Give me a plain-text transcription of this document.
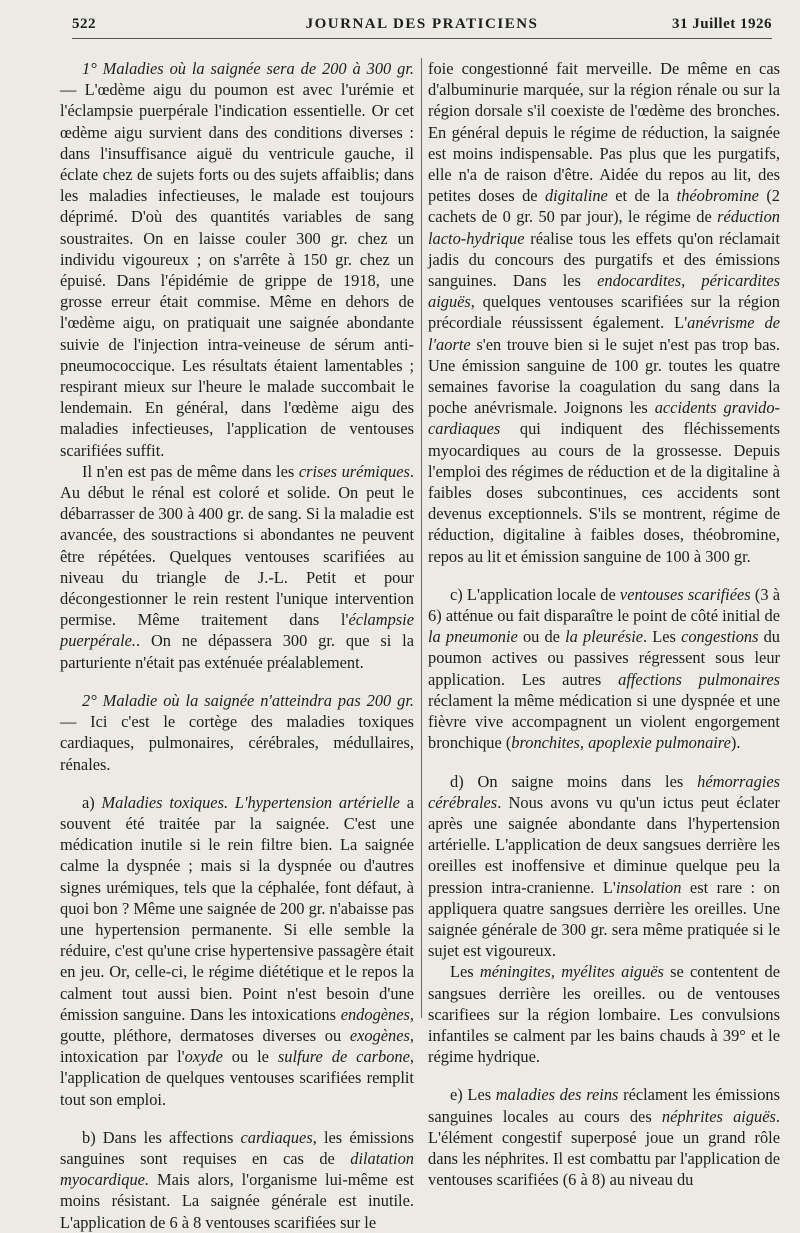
522	JOURNAL DES PRATICIENS	31 Juillet 1926

1° Maladies où la saignée sera de 200 à 300 gr. — L'œdème aigu du poumon est avec l'urémie et l'éclampsie puerpérale l'indication essentielle. Or cet œdème aigu survient dans des conditions diverses : dans l'insuffisance aiguë du ventricule gauche, il éclate chez de sujets forts ou des sujets affaiblis; dans les maladies infectieuses, le malade est toujours déprimé. D'où des quantités variables de sang soustraites. On en laisse couler 300 gr. chez un individu vigoureux ; on s'arrête à 150 gr. chez un épuisé. Dans l'épidémie de grippe de 1918, une grosse erreur était commise. Même en dehors de l'œdème aigu, on pratiquait une saignée abondante suivie de l'injection intra-veineuse de sérum anti-pneumococcique. Les résultats étaient lamentables ; respirant mieux sur l'heure le malade succombait le lendemain. En général, dans l'œdème aigu des maladies infectieuses, l'application de ventouses scarifiées suffit.

Il n'en est pas de même dans les crises urémiques. Au début le rénal est coloré et solide. On peut le débarrasser de 300 à 400 gr. de sang. Si la maladie est avancée, des soustractions si abondantes ne peuvent être répétées. Quelques ventouses scarifiées au niveau du triangle de J.-L. Petit et pour décongestionner le rein restent l'unique intervention permise. Même traitement dans l'éclampsie puerpérale.. On ne dépassera 300 gr. que si la parturiente n'était pas exténuée préalablement.

2° Maladie où la saignée n'atteindra pas 200 gr. — Ici c'est le cortège des maladies toxiques cardiaques, pulmonaires, cérébrales, médullaires, rénales.

a) Maladies toxiques. L'hypertension artérielle a souvent été traitée par la saignée. C'est une médication inutile si le rein filtre bien. La saignée calme la dyspnée ; mais si la dyspnée ou d'autres signes urémiques, tels que la céphalée, font défaut, à quoi bon ? Même une saignée de 200 gr. n'abaisse pas une hypertension permanente. Si elle semble la réduire, c'est qu'une crise hypertensive passagère était en jeu. Or, celle-ci, le régime diététique et le repos la calment tout aussi bien. Point n'est besoin d'une émission sanguine. Dans les intoxications endogènes, goutte, pléthore, dermatoses diverses ou exogènes, intoxication par l'oxyde ou le sulfure de carbone, l'application de quelques ventouses scarifiées remplit tout son emploi.

b) Dans les affections cardiaques, les émissions sanguines sont requises en cas de dilatation myocardique. Mais alors, l'organisme lui-même est moins résistant. La saignée générale est inutile. L'application de 6 à 8 ventouses scarifiées sur le

foie congestionné fait merveille. De même en cas d'albuminurie marquée, sur la région rénale ou sur la région dorsale s'il coexiste de l'œdème des bronches. En général depuis le régime de réduction, la saignée est moins indispensable. Pas plus que les purgatifs, elle n'a de raison d'être. Aidée du repos au lit, des petites doses de digitaline et de la théobromine (2 cachets de 0 gr. 50 par jour), le régime de réduction lacto-hydrique réalise tous les effets qu'on réclamait jadis du concours des purgatifs et des émissions sanguines. Dans les endocardites, péricardites aiguës, quelques ventouses scarifiées sur la région précordiale réussissent également. L'anévrisme de l'aorte s'en trouve bien si le sujet n'est pas trop bas. Une émission sanguine de 100 gr. toutes les quatre semaines favorise la coagulation du sang dans la poche anévrismale. Joignons les accidents gravido-cardiaques qui indiquent des fléchissements myocardiques au cours de la grossesse. Depuis l'emploi des régimes de réduction et de la digitaline à faibles doses subcontinues, ces accidents sont devenus exceptionnels. S'ils se montrent, régime de réduction, digitaline à faibles doses, théobromine, repos au lit et émission sanguine de 100 à 300 gr.

c) L'application locale de ventouses scarifiées (3 à 6) atténue ou fait disparaître le point de côté initial de la pneumonie ou de la pleurésie. Les congestions du poumon actives ou passives régressent sous leur application. Les autres affections pulmonaires réclament la même médication si une dyspnée et une fièvre vive accompagnent un violent engorgement bronchique (bronchites, apoplexie pulmonaire).

d) On saigne moins dans les hémorragies cérébrales. Nous avons vu qu'un ictus peut éclater après une saignée abondante dans l'hypertension artérielle. L'application de deux sangsues derrière les oreilles est inoffensive et diminue quelque peu la pression intra-cranienne. L'insolation est rare : on appliquera quatre sangsues derrière les oreilles. Une saignée générale de 300 gr. sera même pratiquée si le sujet est vigoureux.

Les méningites, myélites aiguës se contentent de sangsues derrière les oreilles. ou de ventouses scarifiees sur la région lombaire. Les convulsions infantiles se calment par les bains chauds à 39° et le régime hydrique.

e) Les maladies des reins réclament les émissions sanguines locales au cours des néphrites aiguës. L'élément congestif superposé joue un grand rôle dans les néphrites. Il est combattu par l'application de ventouses scarifiées (6 à 8) au niveau du
